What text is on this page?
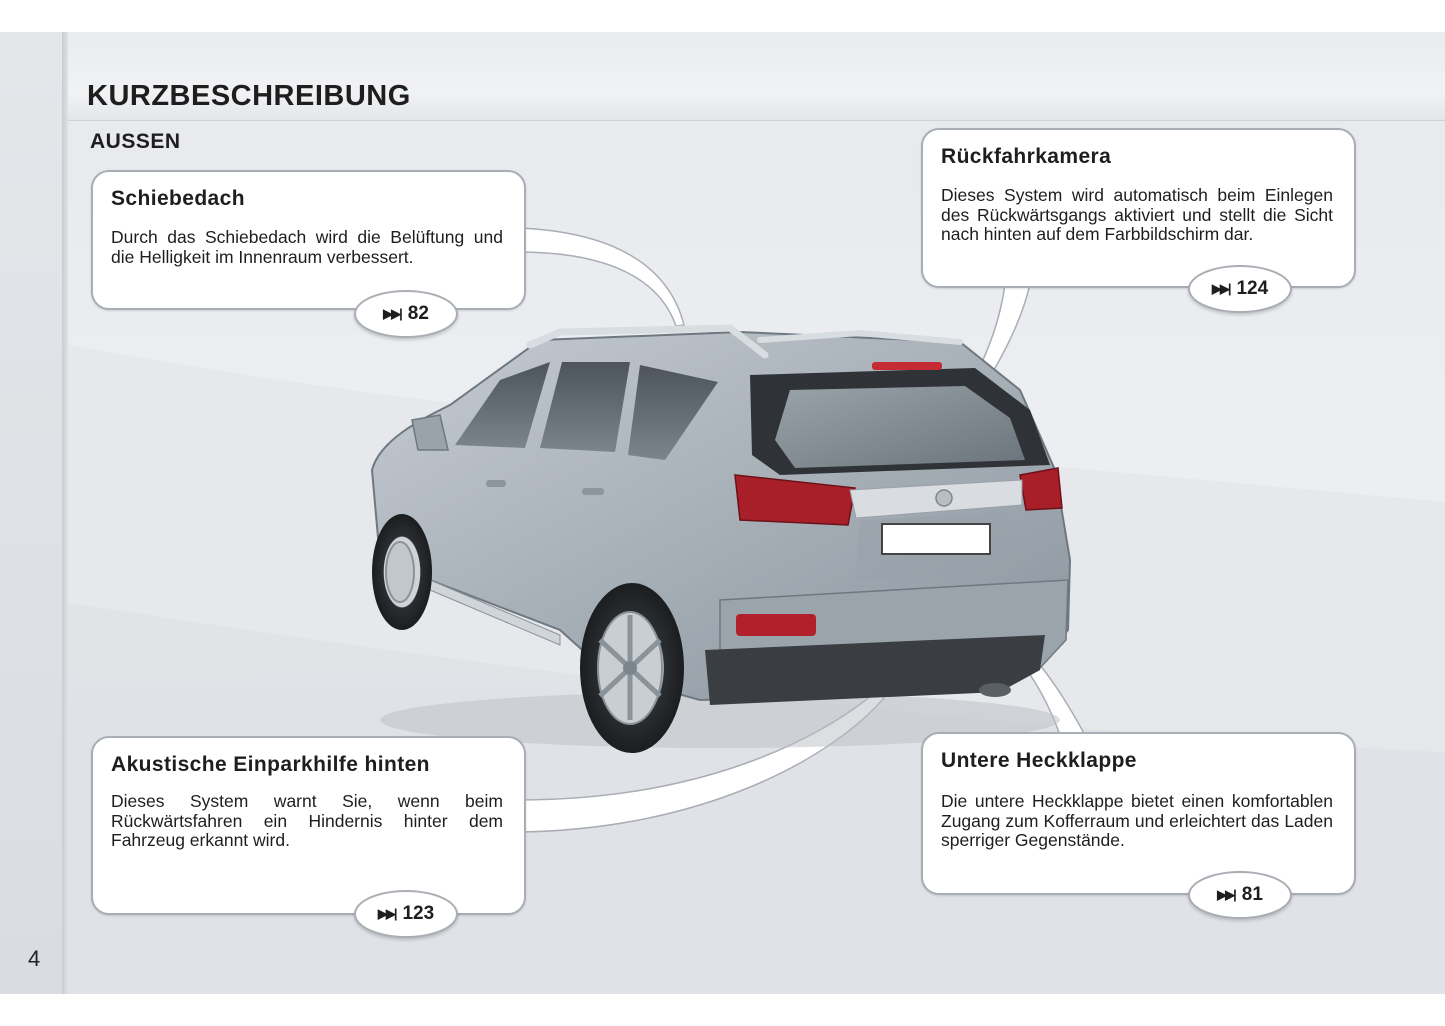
KURZBESCHREIBUNG
AUSSEN
Schiebedach

Durch das Schiebedach wird die Belüftung und die Helligkeit im Innenraum verbessert.

▶▶| 82
Rückfahrkamera

Dieses System wird automatisch beim Einlegen des Rückwärtsgangs aktiviert und stellt die Sicht nach hinten auf dem Farbbildschirm dar.

▶▶| 124
Akustische Einparkhilfe hinten

Dieses System warnt Sie, wenn beim Rückwärtsfahren ein Hindernis hinter dem Fahrzeug erkannt wird.

▶▶| 123
Untere Heckklappe

Die untere Heckklappe bietet einen komfortablen Zugang zum Kofferraum und erleichtert das Laden sperriger Gegenstände.

▶▶| 81
4
